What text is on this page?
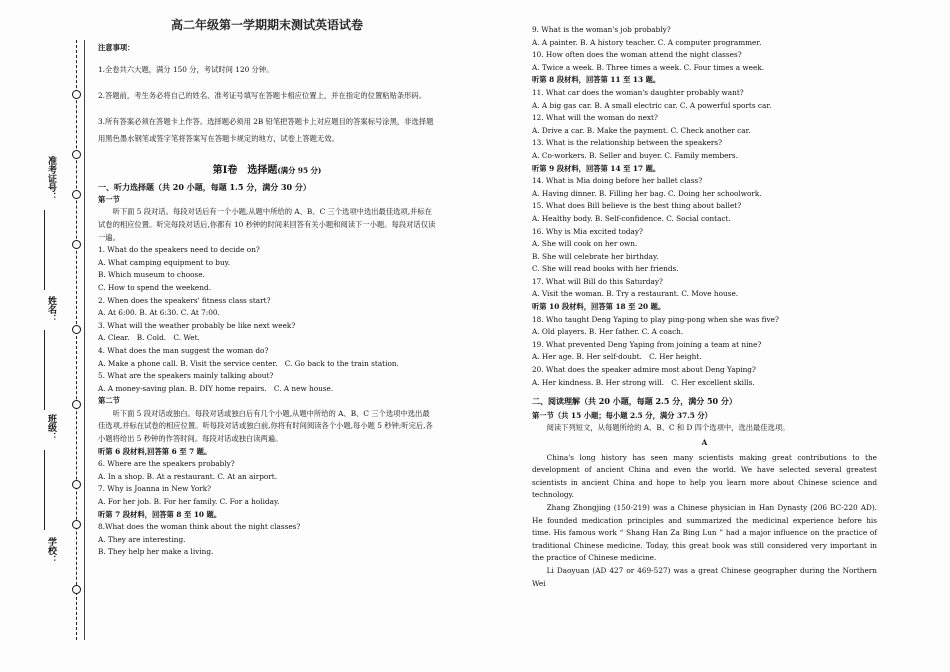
准考证号：
姓名：
班级：
学校：
高二年级第一学期期末测试英语试卷
注意事项：

1.全卷共六大题，满分 150 分，考试时间 120 分钟。

2.答题前，考生务必将自己的姓名、准考证号填写在答题卡相应位置上，并在指定的位置粘贴条形码。

3.所有答案必须在答题卡上作答。选择题必须用 2B 铅笔把答题卡上对应题目的答案标号涂黑，非选择题用黑色墨水钢笔或签字笔将答案写在答题卡规定的地方，试卷上答题无效。

第Ⅰ卷　选择题(满分 95 分)
一、听力选择题（共 20 小题，每题 1.5 分，满分 30 分）
第一节
听下面 5 段对话。每段对话后有一个小题,从题中所给的 A、B、C 三个选项中选出最佳选项,并标在试卷的相应位置。听完每段对话后,你都有 10 秒钟的时间来回答有关小题和阅读下一小题。每段对话仅读一遍。
1. What do the speakers need to decide on?
A. What camping equipment to buy.
B. Which museum to choose.
C. How to spend the weekend.
2. When does the speakers' fitness class start?
A. At 6:00. B. At 6:30. C. At 7:00.
3. What will the weather probably be like next week?
A. Clear.　B. Cold.　C. Wet.
4. What does the man suggest the woman do?
A. Make a phone call. B. Visit the service center.　C. Go back to the train station.
5. What are the speakers mainly talking about?
A. A money-saving plan. B. DIY home repairs.　C. A new house.
第二节
听下面 5 段对话或独白。每段对话或独白后有几个小题,从题中所给的 A、B、C 三个选项中选出最佳选项,并标在试卷的相应位置。听每段对话或独白前,你将有时间阅读各个小题,每小题 5 秒钟;听完后,各小题将给出 5 秒钟的作答时间。每段对话或独白读两遍。
听第 6 段材料,回答第 6 至 7 题。
6. Where are the speakers probably?
A. In a shop. B. At a restaurant. C. At an airport.
7. Why is Joanna in New York?
A. For her job. B. For her family. C. For a holiday.
听第 7 段材料，回答第 8 至 10 题。
8.What does the woman think about the night classes?
A. They are interesting.
B. They help her make a living.
9. What is the woman's job probably?
A. A painter. B. A history teacher. C. A computer programmer.
10. How often does the woman attend the night classes?
A. Twice a week. B. Three times a week. C. Four times a week.
听第 8 段材料，回答第 11 至 13 题。
11. What car does the woman's daughter probably want?
A. A big gas car. B. A small electric car. C. A powerful sports car.
12. What will the woman do next?
A. Drive a car. B. Make the payment. C. Check another car.
13. What is the relationship between the speakers?
A. Co-workers. B. Seller and buyer. C. Family members.
听第 9 段材料，回答第 14 至 17 题。
14. What is Mia doing before her ballet class?
A. Having dinner. B. Filling her bag. C. Doing her schoolwork.
15. What does Bill believe is the best thing about ballet?
A. Healthy body. B. Self-confidence. C. Social contact.
16. Why is Mia excited today?
A. She will cook on her own.
B. She will celebrate her birthday.
C. She will read books with her friends.
17. What will Bill do this Saturday?
A. Visit the woman. B. Try a restaurant. C. Move house.
听第 10 段材料，回答第 18 至 20 题。
18. Who taught Deng Yaping to play ping-pong when she was five?
A. Old players. B. Her father. C. A coach.
19. What prevented Deng Yaping from joining a team at nine?
A. Her age. B. Her self-doubt.　C. Her height.
20. What does the speaker admire most about Deng Yaping?
A. Her kindness. B. Her strong will.　C. Her excellent skills.
二、阅读理解（共 20 小题，每题 2.5 分，满分 50 分）
第一节（共 15 小题；每小题 2.5 分，满分 37.5 分）
阅读下列短文，从每题所给的 A、B、C 和 D 四个选项中，选出最佳选项。
A
China's long history has seen many scientists making great contributions to the development of ancient China and even the world. We have selected several greatest scientists in ancient China and hope to help you learn more about Chinese science and technology.
Zhang Zhongjing (150-219) was a Chinese physician in Han Dynasty (206 BC-220 AD). He founded medication principles and summarized the medicinal experience before his time. His famous work “ Shang Han Za Bing Lun ” had a major influence on the practice of traditional Chinese medicine. Today, this great book was still considered very important in the practice of Chinese medicine.
Li Daoyuan (AD 427 or 469-527) was a great Chinese geographer during the Northern Wei
